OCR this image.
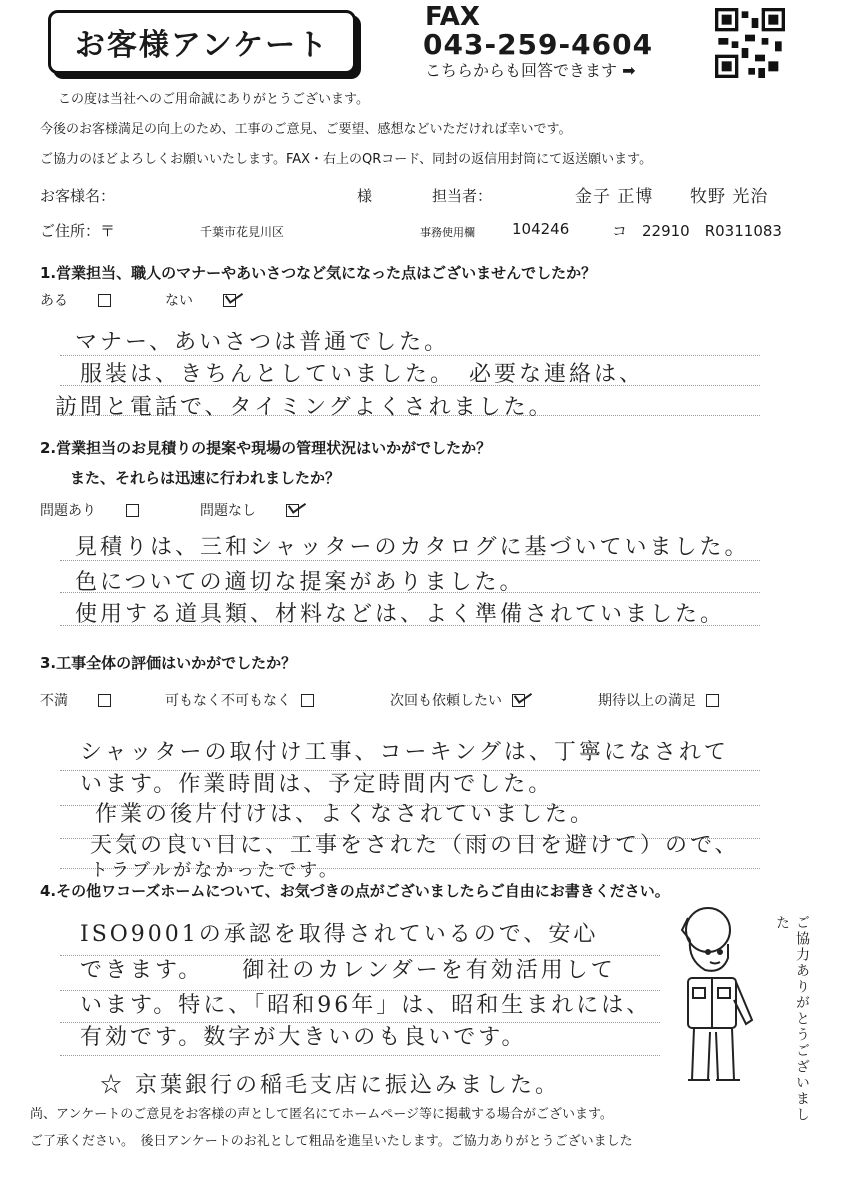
お客様アンケート
FAX
043-259-4604
こちらからも回答できます ➡
この度は当社へのご用命誠にありがとうございます。
今後のお客様満足の向上のため、工事のご意見、ご要望、感想などいただければ幸いです。
ご協力のほどよろしくお願いいたします。FAX・右上のQRコード、同封の返信用封筒にて返送願います。
お客様名：	様	担当者：	金子 正博 牧野 光治
ご住所：〒	千葉市花見川区	事務使用欄 104246	コ　22910　R0311083
1.営業担当、職人のマナーやあいさつなど気になった点はございませんでしたか？
ある	ない
マナー、あいさつは普通でした。
服装は、きちんとしていました。　必要な連絡は、
訪問と電話で、タイミングよくされました。
2.営業担当のお見積りの提案や現場の管理状況はいかがでしたか？
また、それらは迅速に行われましたか？
問題あり	問題なし
見積りは、三和シャッターのカタログに基づいていました。
色についての適切な提案がありました。
使用する道具類、材料などは、よく準備されていました。
3.工事全体の評価はいかがでしたか？
不満	可もなく不可もなく	次回も依頼したい	期待以上の満足
シャッターの取付け工事、コーキングは、丁寧になされて
います。作業時間は、予定時間内でした。
作業の後片付けは、よくなされていました。
天気の良い日に、工事をされた（雨の日を避けて）ので、
トラブルがなかったです。
4.その他ワコーズホームについて、お気づきの点がございましたらご自由にお書きください。
ISO9001の承認を取得されているので、安心
できます。　　御社のカレンダーを有効活用して
います。特に、「昭和96年」は、昭和生まれには、
有効です。数字が大きいのも良いです。
☆ 京葉銀行の稲毛支店に振込みました。	ご協力ありがとうございました
尚、アンケートのご意見をお客様の声として匿名にてホームページ等に掲載する場合がございます。
ご了承ください。　後日アンケートのお礼として粗品を進呈いたします。ご協力ありがとうございました
